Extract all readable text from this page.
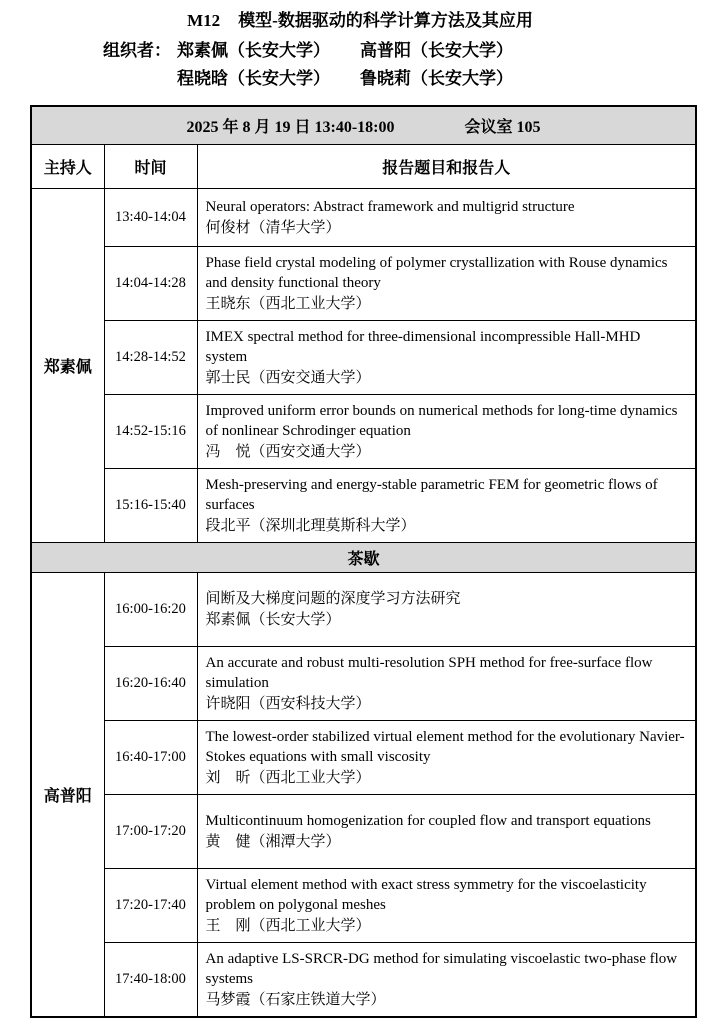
M12 模型-数据驱动的科学计算方法及其应用
组织者： 郑素佩（长安大学） 高普阳（长安大学）
程晓晗（长安大学） 鲁晓莉（长安大学）
2025 年 8 月 19 日 13:40-18:00 会议室 105		

主持人	时间	报告题目和报告人
郑素佩	13:40-14:04	Neural operators: Abstract framework and multigrid structure
何俊材（清华大学）

	14:04-14:28	Phase field crystal modeling of polymer crystallization with Rouse dynamics and density functional theory
王晓东（西北工业大学）

	14:28-14:52	IMEX spectral method for three-dimensional incompressible Hall-MHD system
郭士民（西安交通大学）

	14:52-15:16	Improved uniform error bounds on numerical methods for long-time dynamics of nonlinear Schrodinger equation
冯　悦（西安交通大学）

	15:16-15:40	Mesh-preserving and energy-stable parametric FEM for geometric flows of surfaces
段北平（深圳北理莫斯科大学）

茶歇		
高普阳	16:00-16:20	间断及大梯度问题的深度学习方法研究
郑素佩（长安大学）

	16:20-16:40	An accurate and robust multi-resolution SPH method for free-surface flow simulation
许晓阳（西安科技大学）

	16:40-17:00	The lowest-order stabilized virtual element method for the evolutionary Navier-Stokes equations with small viscosity
刘　昕（西北工业大学）

	17:00-17:20	Multicontinuum homogenization for coupled flow and transport equations
黄　健（湘潭大学）

	17:20-17:40	Virtual element method with exact stress symmetry for the viscoelasticity problem on polygonal meshes
王　刚（西北工业大学）

	17:40-18:00	An adaptive LS-SRCR-DG method for simulating viscoelastic two-phase flow systems
马梦霞（石家庄铁道大学）
